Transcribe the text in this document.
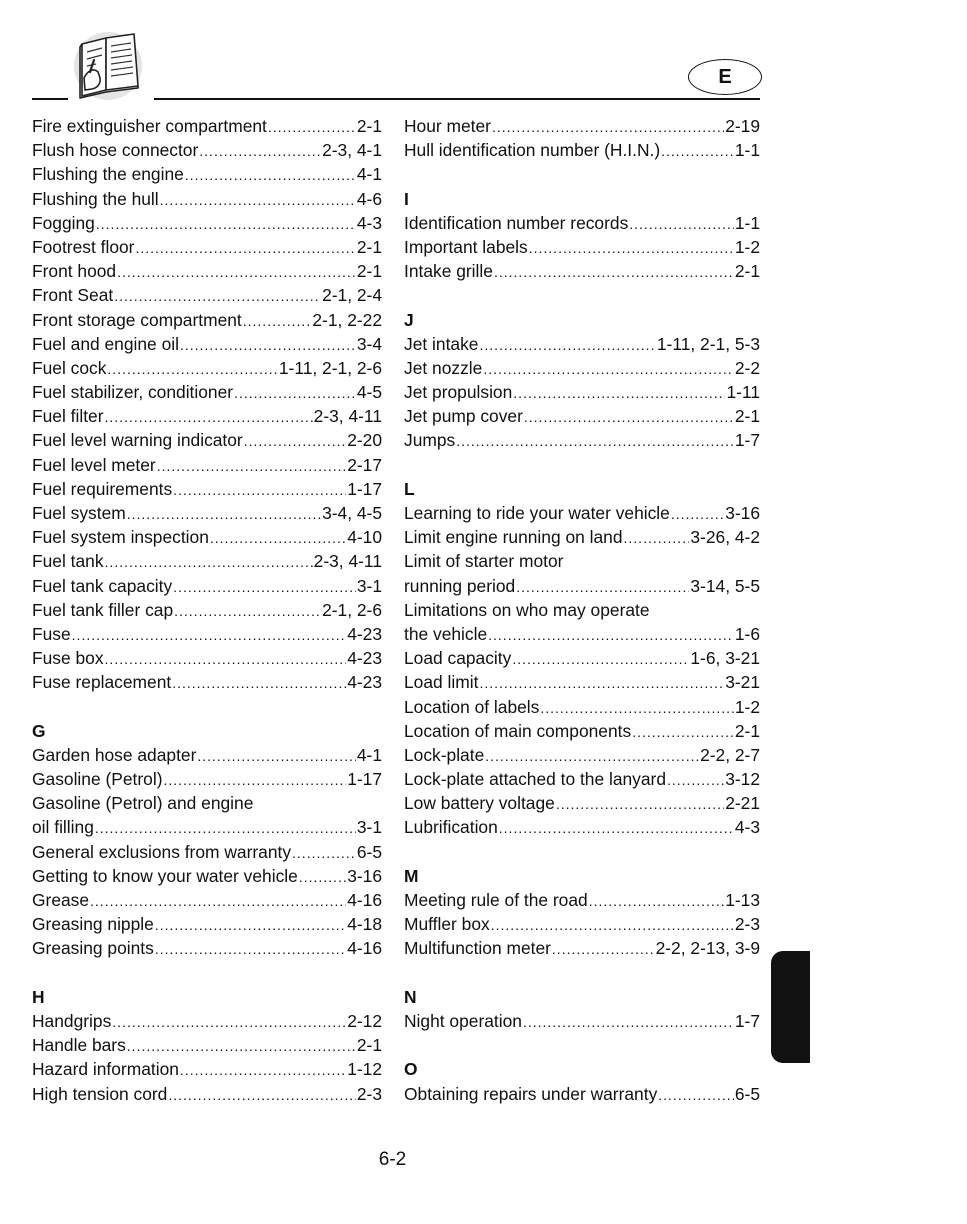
E
Fire extinguisher compartment .....	2-1
Flush hose connector .....	2-3, 4-1
Flushing the engine .....	4-1
Flushing the hull .....	4-6
Fogging .....	4-3
Footrest floor .....	2-1
Front hood .....	2-1
Front Seat .....	2-1, 2-4
Front storage compartment .....	2-1, 2-22
Fuel and engine oil .....	3-4
Fuel cock .....	1-11, 2-1, 2-6
Fuel stabilizer, conditioner .....	4-5
Fuel filter .....	2-3, 4-11
Fuel level warning indicator .....	2-20
Fuel level meter .....	2-17
Fuel requirements .....	1-17
Fuel system .....	3-4, 4-5
Fuel system inspection .....	4-10
Fuel tank .....	2-3, 4-11
Fuel tank capacity .....	3-1
Fuel tank filler cap .....	2-1, 2-6
Fuse .....	4-23
Fuse box .....	4-23
Fuse replacement .....	4-23
G
Garden hose adapter .....	4-1
Gasoline (Petrol) .....	1-17
Gasoline (Petrol) and engine
oil filling .....	3-1
General exclusions from warranty .....	6-5
Getting to know your water vehicle .....	3-16
Grease .....	4-16
Greasing nipple .....	4-18
Greasing points .....	4-16
H
Handgrips .....	2-12
Handle bars .....	2-1
Hazard information .....	1-12
High tension cord .....	2-3
Hour meter .....	2-19
Hull identification number (H.I.N.) .....	1-1
I
Identification number records .....	1-1
Important labels .....	1-2
Intake grille .....	2-1
J
Jet intake .....	1-11, 2-1, 5-3
Jet nozzle .....	2-2
Jet propulsion .....	1-11
Jet pump cover .....	2-1
Jumps .....	1-7
L
Learning to ride your water vehicle .....	3-16
Limit engine running on land .....	3-26, 4-2
Limit of starter motor
running period .....	3-14, 5-5
Limitations on who may operate
the vehicle .....	1-6
Load capacity .....	1-6, 3-21
Load limit .....	3-21
Location of labels .....	1-2
Location of main components .....	2-1
Lock-plate .....	2-2, 2-7
Lock-plate attached to the lanyard .....	3-12
Low battery voltage .....	2-21
Lubrification .....	4-3
M
Meeting rule of the road .....	1-13
Muffler box .....	2-3
Multifunction meter .....	2-2, 2-13, 3-9
N
Night operation .....	1-7
O
Obtaining repairs under warranty .....	6-5
6-2
